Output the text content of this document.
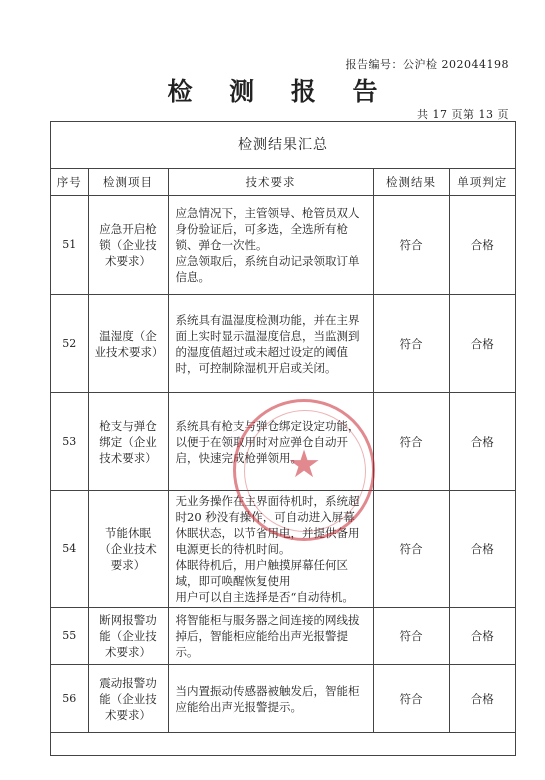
报告编号：公沪检 202044198
检 测 报 告
共 17 页第 13 页
检测结果汇总
序号	检测项目	技术要求	检测结果	单项判定
51	应急开启枪锁（企业技术要求）	应急情况下，主管领导、枪管员双人身份验证后，可多选，全选所有枪锁、弹仓一次性。
应急领取后，系统自动记录领取订单信息。	符合	合格
52	温湿度（企业技术要求）	系统具有温湿度检测功能，并在主界面上实时显示温湿度信息，当监测到的湿度值超过或未超过设定的阈值时，可控制除湿机开启或关闭。	符合	合格
53	枪支与弹仓绑定（企业技术要求）	系统具有枪支与弹仓绑定设定功能，以便于在领取用时对应弹仓自动开启，快速完成枪弹领用。	符合	合格
54	节能休眠（企业技术要求）	无业务操作在主界面待机时，系统超时20 秒没有操作，可自动进入屏幕休眠状态，以节省用电，并提供备用电源更长的待机时间。
体眠待机后，用户触摸屏幕任何区域，即可唤醒恢复使用
用户可以自主选择是否“自动待机。	符合	合格
55	断网报警功能（企业技术要求）	将智能柜与服务器之间连接的网线拔掉后，智能柜应能给出声光报警提示。	符合	合格
56	震动报警功能（企业技术要求）	当内置振动传感器被触发后，智能柜应能给出声光报警提示。	符合	合格
★
